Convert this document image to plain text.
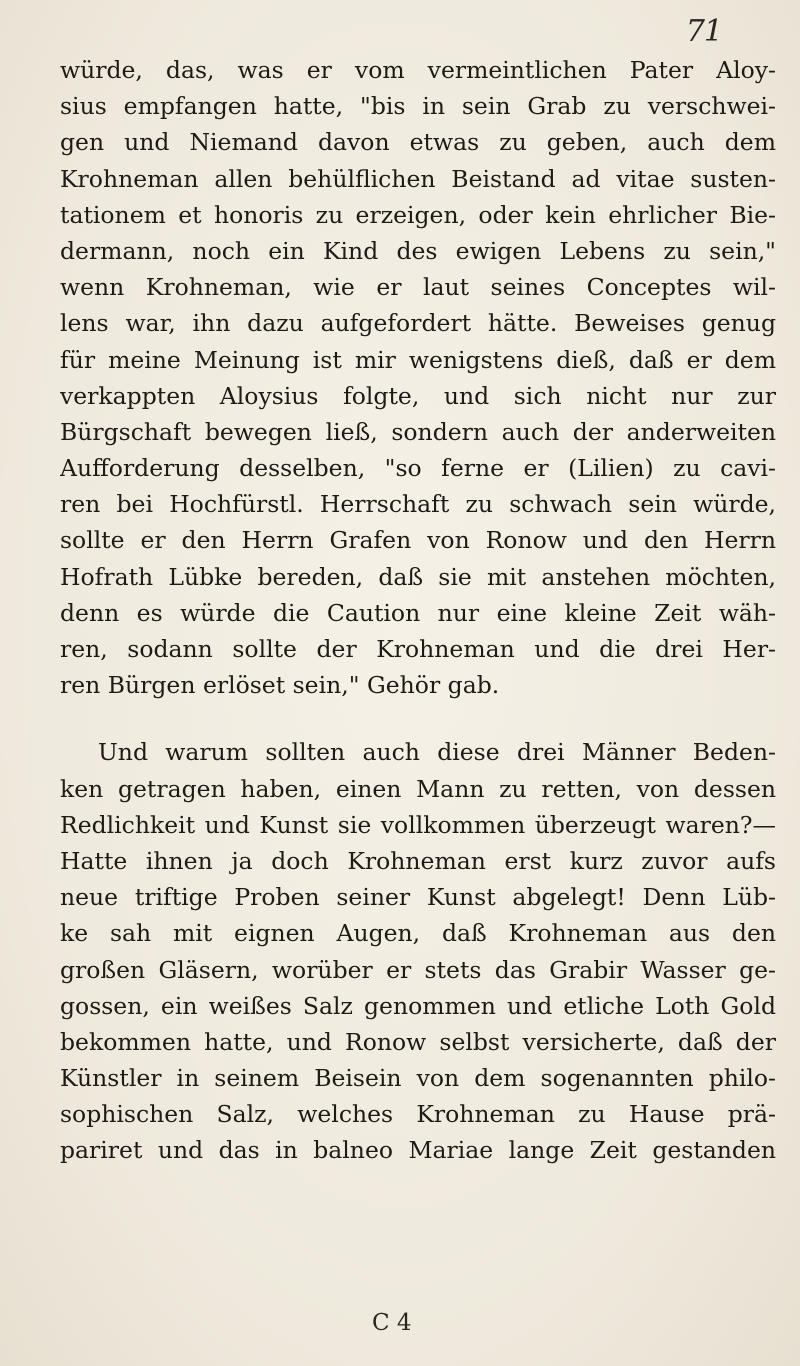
71
würde, das, was er vom vermeintlichen Pater Aloy-
sius empfangen hatte, "bis in sein Grab zu verschwei-
gen und Niemand davon etwas zu geben, auch dem
Krohneman allen behülflichen Beistand ad vitae susten-
tationem et honoris zu erzeigen, oder kein ehrlicher Bie-
dermann, noch ein Kind des ewigen Lebens zu sein,"
wenn Krohneman, wie er laut seines Conceptes wil-
lens war, ihn dazu aufgefordert hätte. Beweises genug
für meine Meinung ist mir wenigstens dieß, daß er dem
verkappten Aloysius folgte, und sich nicht nur zur
Bürgschaft bewegen ließ, sondern auch der anderweiten
Aufforderung desselben, "so ferne er (Lilien) zu cavi-
ren bei Hochfürstl. Herrschaft zu schwach sein würde,
sollte er den Herrn Grafen von Ronow und den Herrn
Hofrath Lübke bereden, daß sie mit anstehen möchten,
denn es würde die Caution nur eine kleine Zeit wäh-
ren, sodann sollte der Krohneman und die drei Her-
ren Bürgen erlöset sein," Gehör gab.
Und warum sollten auch diese drei Männer Beden-
ken getragen haben, einen Mann zu retten, von dessen
Redlichkeit und Kunst sie vollkommen überzeugt waren?—
Hatte ihnen ja doch Krohneman erst kurz zuvor aufs
neue triftige Proben seiner Kunst abgelegt! Denn Lüb-
ke sah mit eignen Augen, daß Krohneman aus den
großen Gläsern, worüber er stets das Grabir Wasser ge-
gossen, ein weißes Salz genommen und etliche Loth Gold
bekommen hatte, und Ronow selbst versicherte, daß der
Künstler in seinem Beisein von dem sogenannten philo-
sophischen Salz, welches Krohneman zu Hause prä-
pariret und das in balneo Mariae lange Zeit gestanden
C 4
